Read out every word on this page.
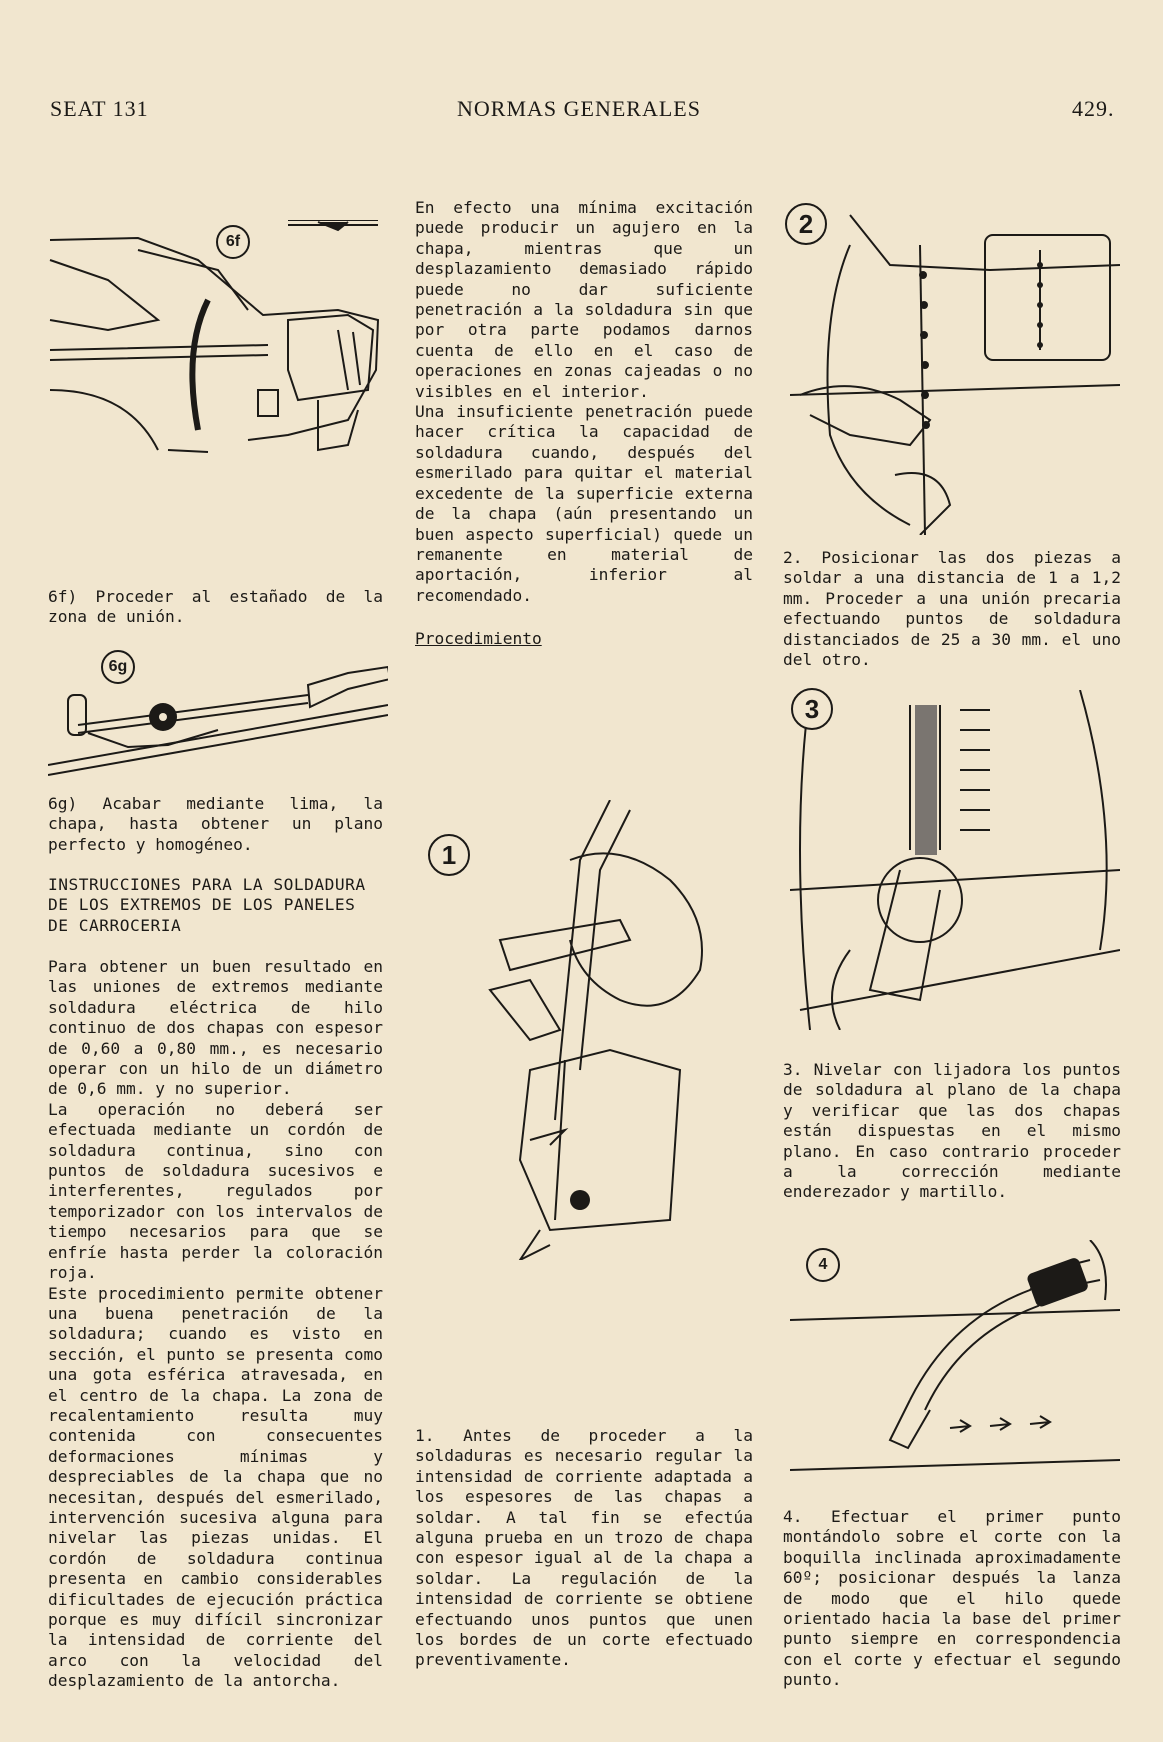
SEAT 131	NORMAS GENERALES	429.
6f
6f) Proceder al estañado de la zona de unión.
6g
6g) Acabar mediante lima, la chapa, hasta obtener un plano perfecto y homogéneo.
INSTRUCCIONES PARA LA SOLDADURA DE LOS EXTREMOS DE LOS PANELES DE CARROCERIA

Para obtener un buen resultado en las uniones de extremos mediante soldadura eléctrica de hilo continuo de dos chapas con espesor de 0,60 a 0,80 mm., es necesario operar con un hilo de un diámetro de 0,6 mm. y no superior.

La operación no deberá ser efectuada mediante un cordón de soldadura continua, sino con puntos de soldadura sucesivos e interferentes, regulados por temporizador con los intervalos de tiempo necesarios para que se enfríe hasta perder la coloración roja.

Este procedimiento permite obtener una buena penetración de la soldadura; cuando es visto en sección, el punto se presenta como una gota esférica atravesada, en el centro de la chapa. La zona de recalentamiento resulta muy contenida con consecuentes deformaciones mínimas y despreciables de la chapa que no necesitan, después del esmerilado, intervención sucesiva alguna para nivelar las piezas unidas. El cordón de soldadura continua presenta en cambio considerables dificultades de ejecución práctica porque es muy difícil sincronizar la intensidad de corriente del arco con la velocidad del desplazamiento de la antorcha.

En efecto una mínima excitación puede producir un agujero en la chapa, mientras que un desplazamiento demasiado rápido puede no dar suficiente penetración a la soldadura sin que por otra parte podamos darnos cuenta de ello en el caso de operaciones en zonas cajeadas o no visibles en el interior.

Una insuficiente penetración puede hacer crítica la capacidad de soldadura cuando, después del esmerilado para quitar el material excedente de la superficie externa de la chapa (aún presentando un buen aspecto superficial) quede un remanente en material de aportación, inferior al recomendado.

Procedimiento
1
1. Antes de proceder a la soldaduras es necesario regular la intensidad de corriente adaptada a los espesores de las chapas a soldar. A tal fin se efectúa alguna prueba en un trozo de chapa con espesor igual al de la chapa a soldar. La regulación de la intensidad de corriente se obtiene efectuando unos puntos que unen los bordes de un corte efectuado preventivamente.
2
2. Posicionar las dos piezas a soldar a una distancia de 1 a 1,2 mm. Proceder a una unión precaria efectuando puntos de soldadura distanciados de 25 a 30 mm. el uno del otro.
3
3. Nivelar con lijadora los puntos de soldadura al plano de la chapa y verificar que las dos chapas están dispuestas en el mismo plano. En caso contrario proceder a la corrección mediante enderezador y martillo.
4
4. Efectuar el primer punto montándolo sobre el corte con la boquilla inclinada aproximadamente 60º; posicionar después la lanza de modo que el hilo quede orientado hacia la base del primer punto siempre en correspondencia con el corte y efectuar el segundo punto.
